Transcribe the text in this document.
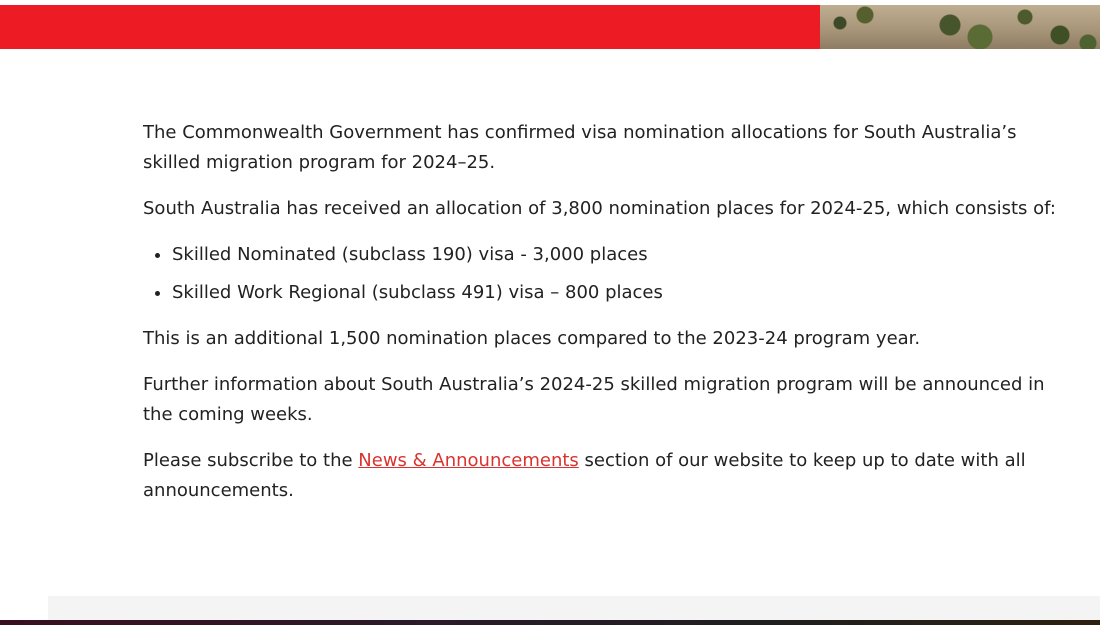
The Commonwealth Government has confirmed visa nomination allocations for South Australia’s skilled migration program for 2024–25.

South Australia has received an allocation of 3,800 nomination places for 2024-25, which consists of:

• Skilled Nominated (subclass 190) visa - 3,000 places
• Skilled Work Regional (subclass 491) visa – 800 places

This is an additional 1,500 nomination places compared to the 2023-24 program year.

Further information about South Australia’s 2024-25 skilled migration program will be announced in the coming weeks.

Please subscribe to the News & Announcements section of our website to keep up to date with all announcements.
